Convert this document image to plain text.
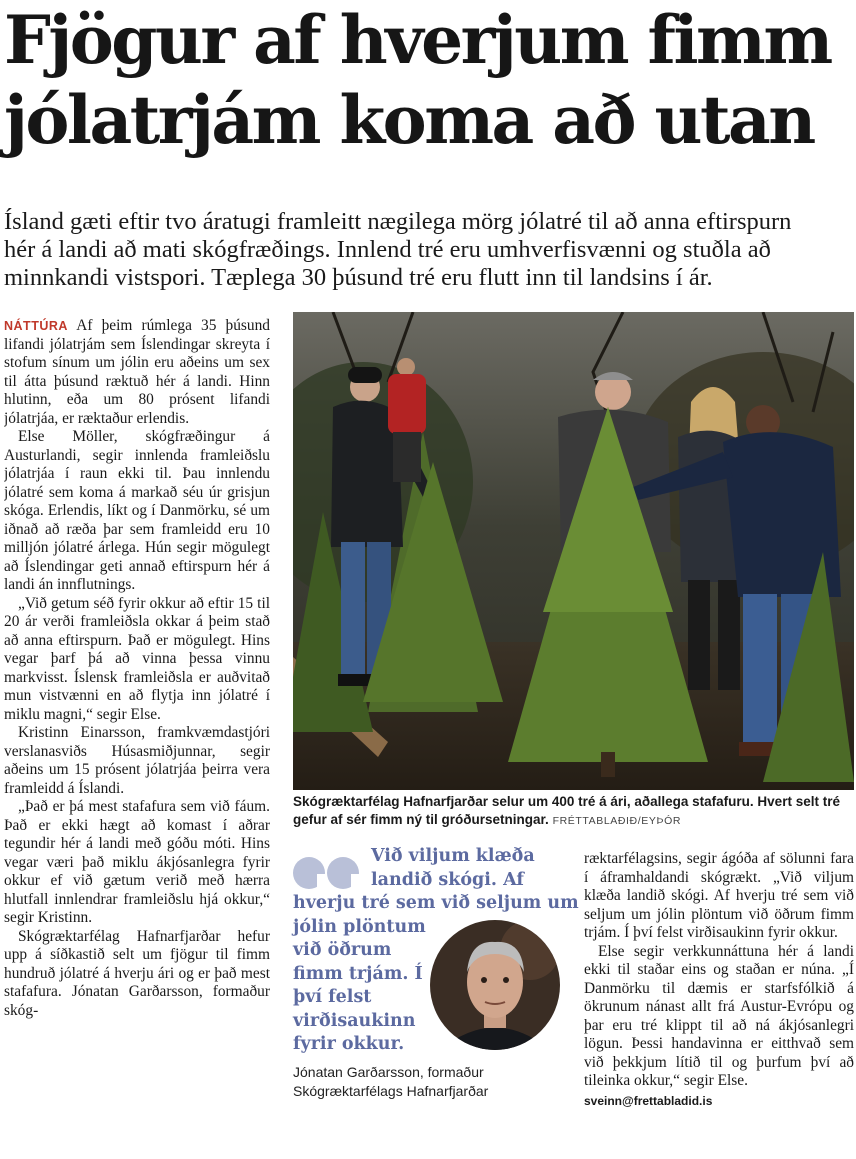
Fjögur af hverjum fimm
jólatrjám koma að utan

Ísland gæti eftir tvo áratugi framleitt nægilega mörg jólatré til að anna eftirspurn
hér á landi að mati skógfræðings. Innlend tré eru umhverfisvænni og stuðla að
minnkandi vistspori. Tæplega 30 þúsund tré eru flutt inn til landsins í ár.

NÁTTÚRA Af þeim rúmlega 35 þúsund lifandi jólatrjám sem Íslendingar skreyta í stofum sínum um jólin eru aðeins um sex til átta þúsund ræktuð hér á landi. Hinn hlutinn, eða um 80 prósent lifandi jólatrjáa, er ræktaður erlendis.

Else Möller, skógfræðingur á Austurlandi, segir innlenda framleiðslu jólatrjáa í raun ekki til. Þau innlendu jólatré sem koma á markað séu úr grisjun skóga. Erlendis, líkt og í Danmörku, sé um iðnað að ræða þar sem framleidd eru 10 milljón jólatré árlega. Hún segir mögulegt að Íslendingar geti annað eftirspurn hér á landi án innflutnings.

„Við getum séð fyrir okkur að eftir 15 til 20 ár verði framleiðsla okkar á þeim stað að anna eftirspurn. Það er mögulegt. Hins vegar þarf þá að vinna þessa vinnu markvisst. Íslensk framleiðsla er auðvitað mun vistvænni en að flytja inn jólatré í miklu magni,“ segir Else.

Kristinn Einarsson, framkvæmdastjóri verslanasviðs Húsasmiðjunnar, segir aðeins um 15 prósent jólatrjáa þeirra vera framleidd á Íslandi.

„Það er þá mest stafafura sem við fáum. Það er ekki hægt að komast í aðrar tegundir hér á landi með góðu móti. Hins vegar væri það miklu ákjósanlegra fyrir okkur ef við gætum verið með hærra hlutfall innlendrar framleiðslu hjá okkur,“ segir Kristinn.

Skógræktarfélag Hafnarfjarðar hefur upp á síðkastið selt um fjögur til fimm hundruð jólatré á hverju ári og er það mest stafafura. Jónatan Garðarsson, formaður skóg-

Skógræktarfélag Hafnarfjarðar selur um 400 tré á ári, aðallega stafafuru. Hvert selt tré gefur af sér fimm ný til gróðursetningar. FRÉTTABLAÐIÐ/EYÞÓR

Við viljum klæða
landið skógi. Af
hverju tré sem við seljum um
jólin plöntum
við öðrum
fimm trjám. Í
því felst
virðisaukinn
fyrir okkur.

Jónatan Garðarsson, formaður
Skógræktarfélags Hafnarfjarðar

ræktarfélagsins, segir ágóða af sölunni fara í áframhaldandi skógrækt. „Við viljum klæða landið skógi. Af hverju tré sem við seljum um jólin plöntum við öðrum fimm trjám. Í því felst virðisaukinn fyrir okkur.

Else segir verkkunnáttuna hér á landi ekki til staðar eins og staðan er núna. „Í Danmörku til dæmis er starfsfólkið á ökrunum nánast allt frá Austur-Evrópu og þar eru tré klippt til að ná ákjósanlegri lögun. Þessi handavinna er eitthvað sem við þekkjum lítið til og þurfum því að tileinka okkur,“ segir Else.

sveinn@frettabladid.is
